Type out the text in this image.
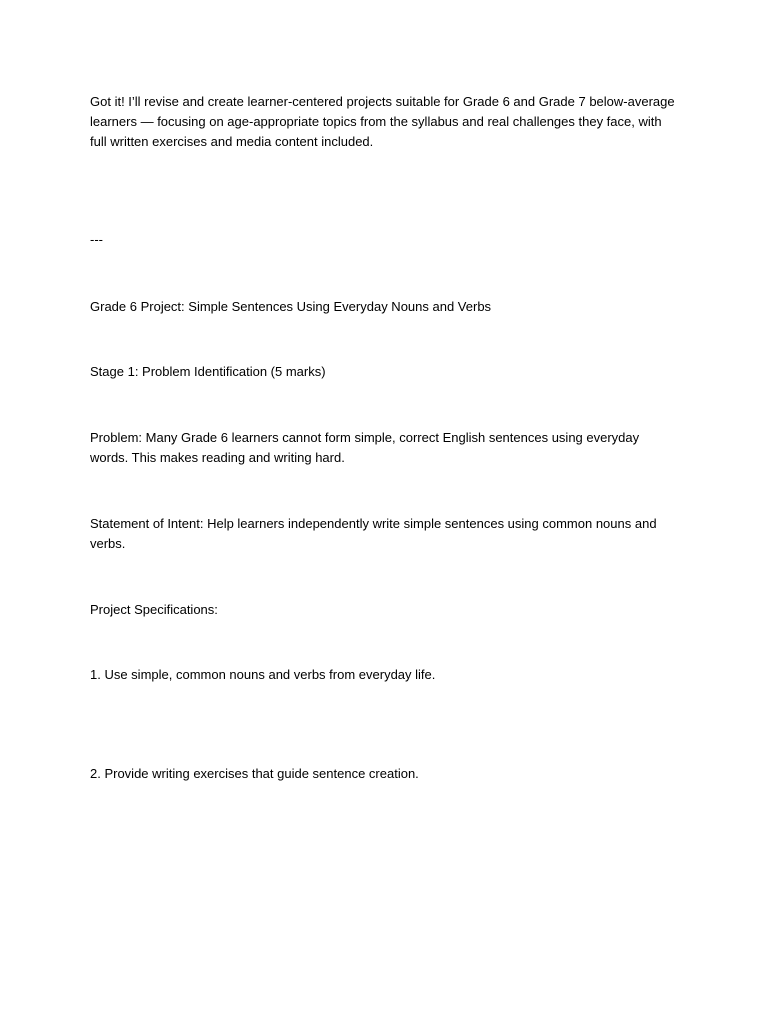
Got it! I’ll revise and create learner-centered projects suitable for Grade 6 and Grade 7 below-average learners — focusing on age-appropriate topics from the syllabus and real challenges they face, with full written exercises and media content included.

---

Grade 6 Project: Simple Sentences Using Everyday Nouns and Verbs

Stage 1: Problem Identification (5 marks)

Problem: Many Grade 6 learners cannot form simple, correct English sentences using everyday words. This makes reading and writing hard.

Statement of Intent: Help learners independently write simple sentences using common nouns and verbs.

Project Specifications:

1. Use simple, common nouns and verbs from everyday life.

2. Provide writing exercises that guide sentence creation.
